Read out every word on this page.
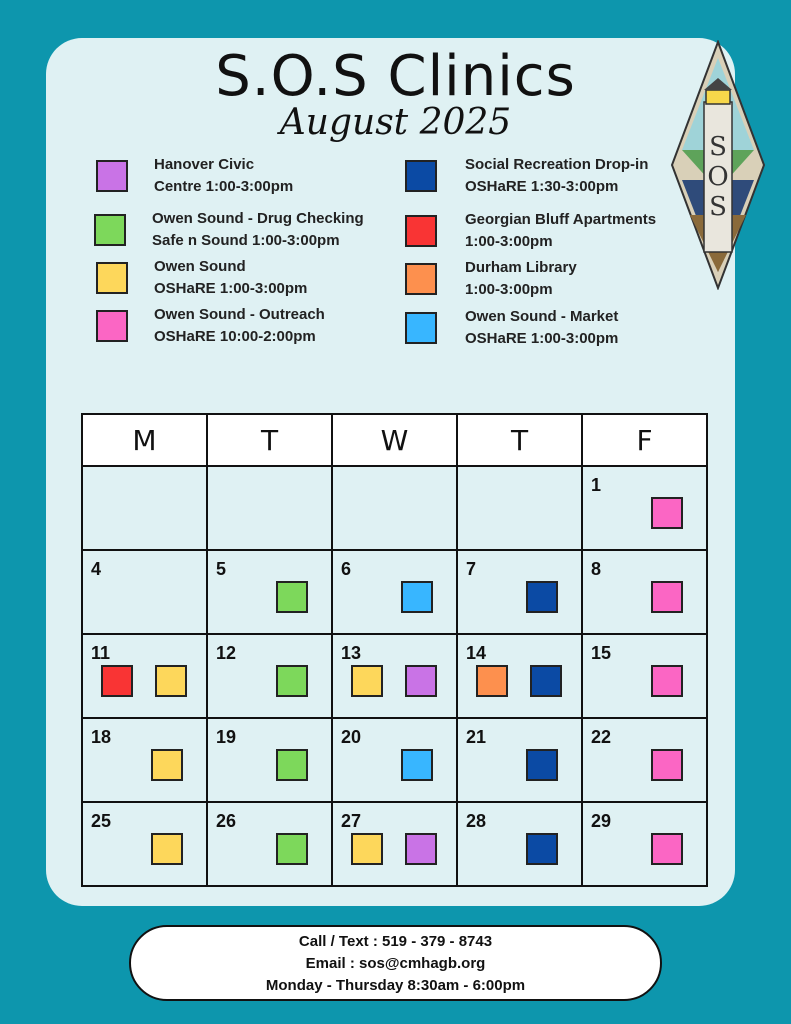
S.O.S Clinics
August 2025
Hanover Civic
Centre 1:00-3:00pm
Owen Sound - Drug Checking
Safe n Sound 1:00-3:00pm
Owen Sound
OSHaRE 1:00-3:00pm
Owen Sound - Outreach
OSHaRE 10:00-2:00pm
Social Recreation Drop-in
OSHaRE 1:30-3:00pm
Georgian Bluff Apartments
1:00-3:00pm
Durham Library
1:00-3:00pm
Owen Sound - Market
OSHaRE 1:00-3:00pm
S
O
S
M	T	W	T	F

				1

4	5	6	7	8

11	12	13	14	15

18	19	20	21	22

25	26	27	28	29
Call / Text : 519 - 379 - 8743
Email : sos@cmhagb.org
Monday - Thursday 8:30am - 6:00pm
